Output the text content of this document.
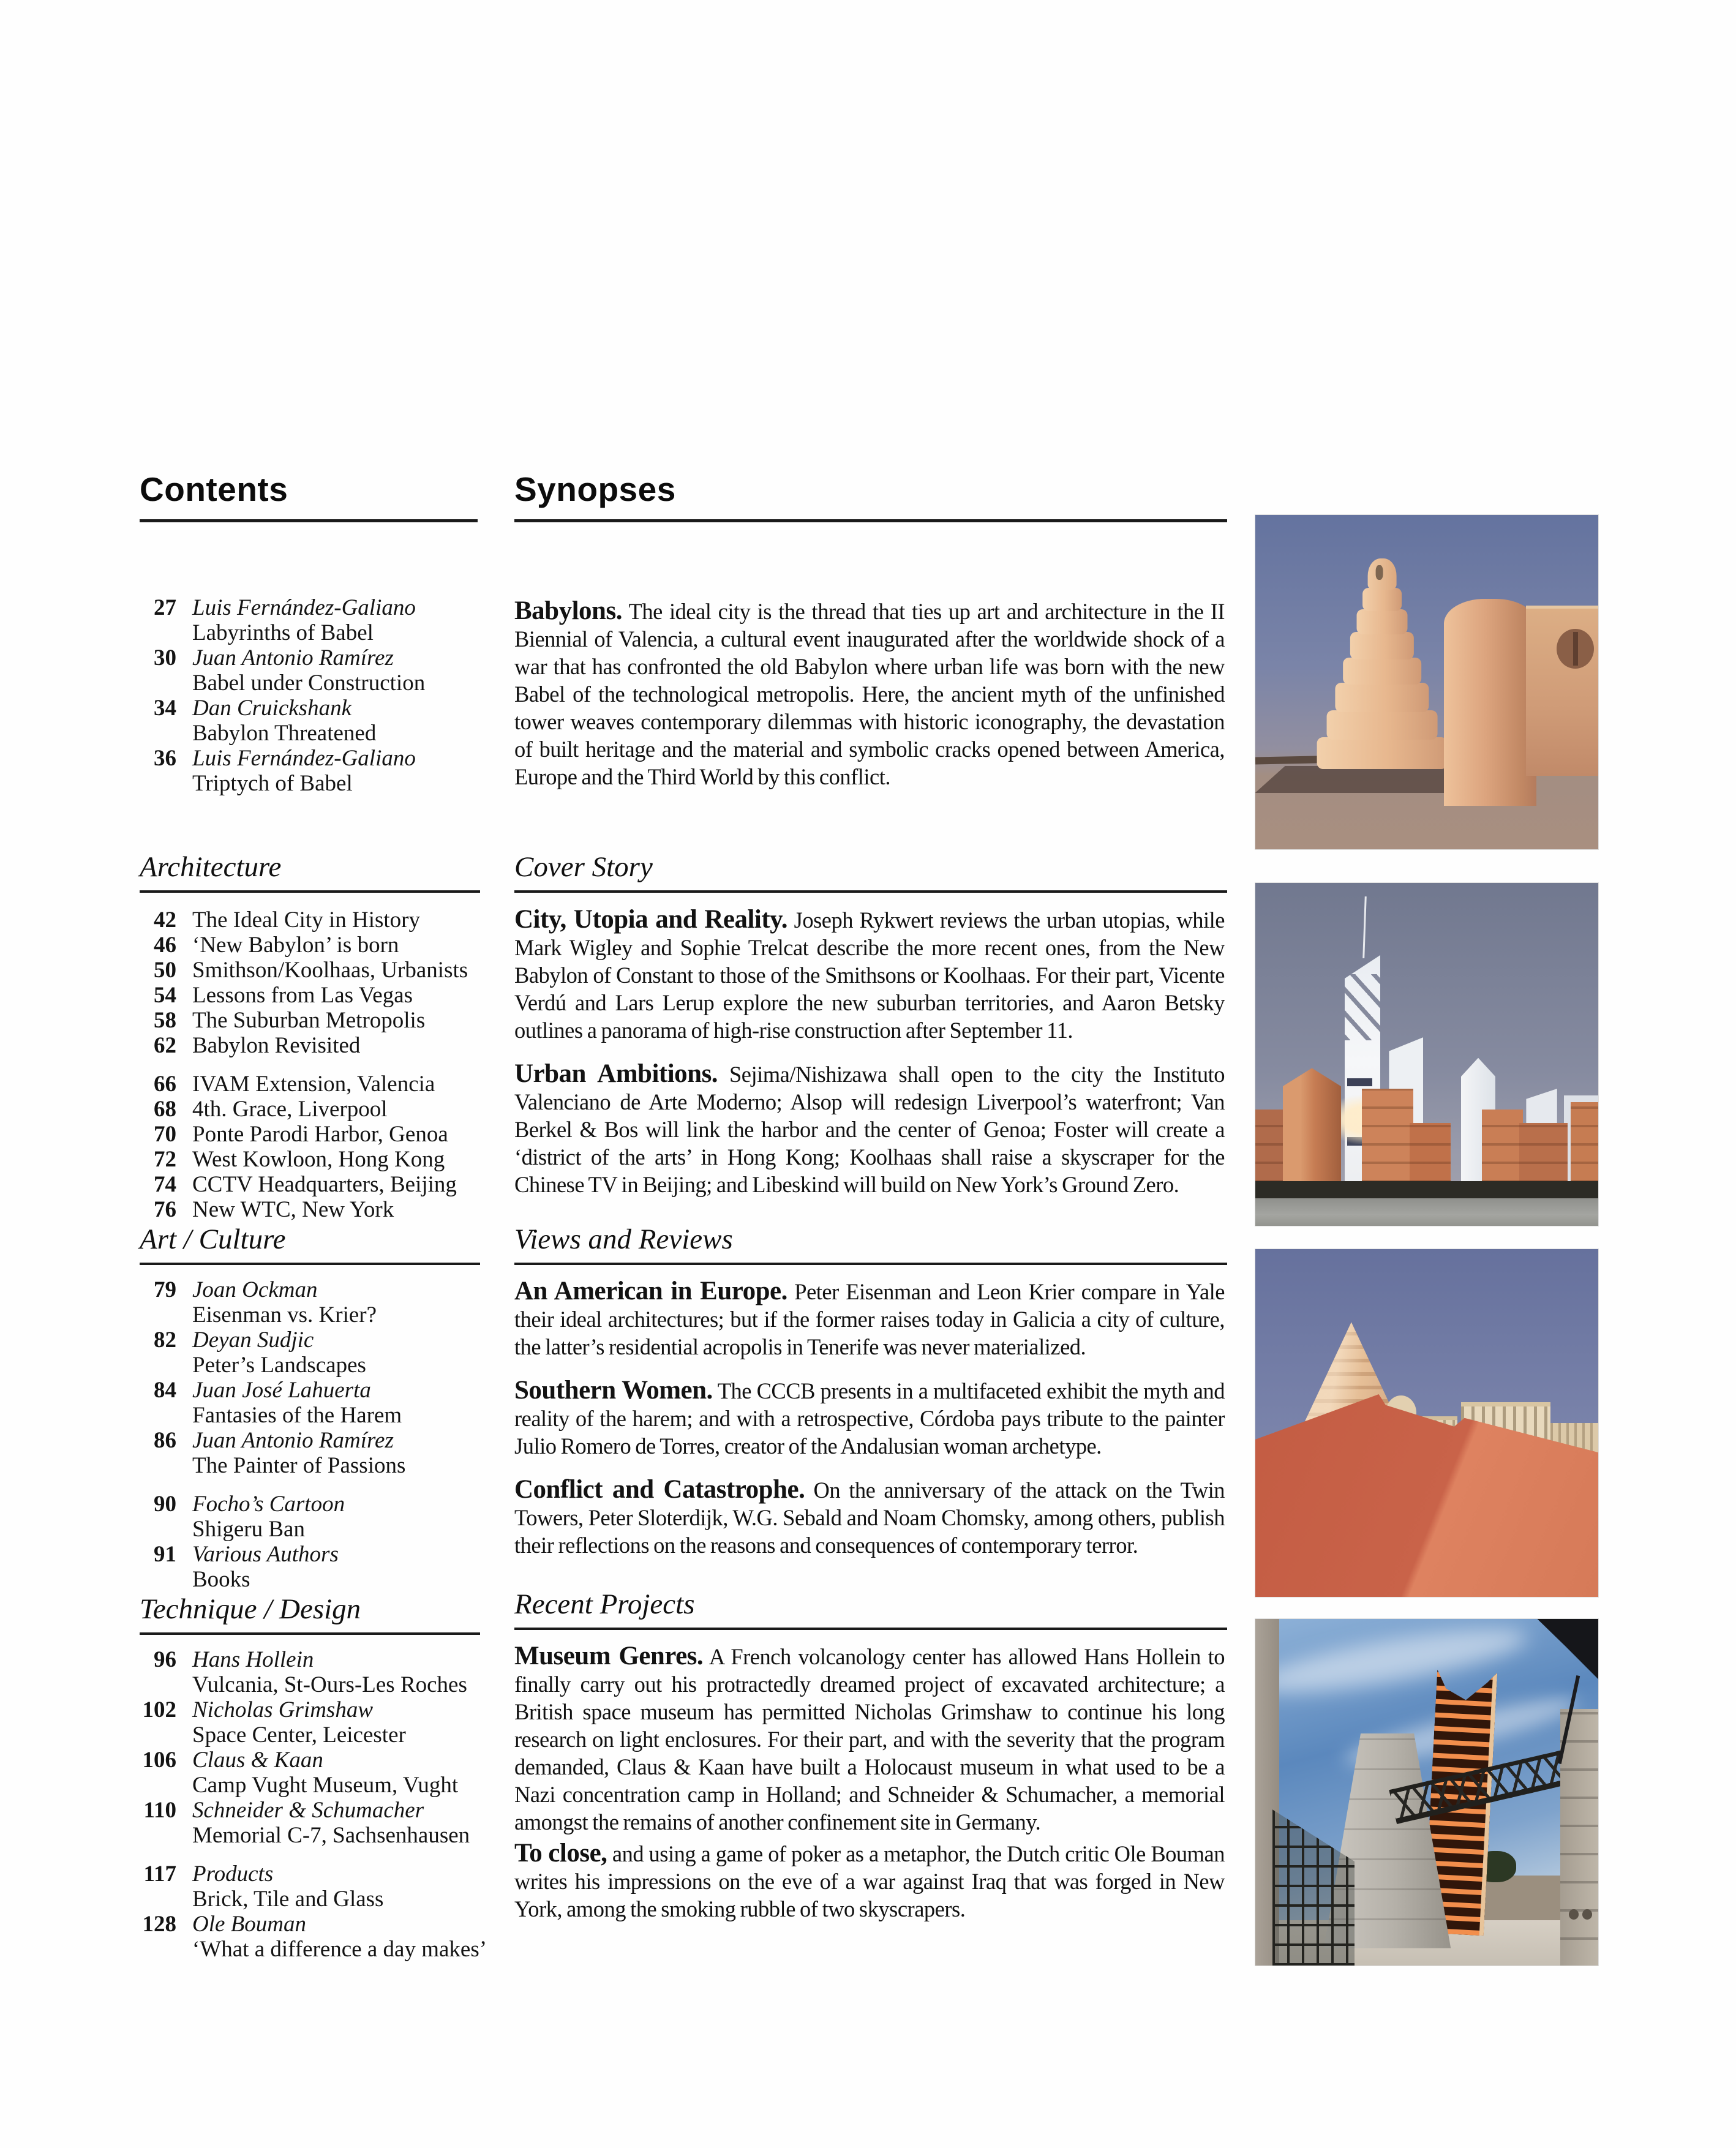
Contents
27 Luis Fernández-Galiano
Labyrinths of Babel
30 Juan Antonio Ramírez
Babel under Construction
34 Dan Cruickshank
Babylon Threatened
36 Luis Fernández-Galiano
Triptych of Babel
Architecture
42 The Ideal City in History
46 ‘New Babylon’ is born
50 Smithson/Koolhaas, Urbanists
54 Lessons from Las Vegas
58 The Suburban Metropolis
62 Babylon Revisited
66 IVAM Extension, Valencia
68 4th. Grace, Liverpool
70 Ponte Parodi Harbor, Genoa
72 West Kowloon, Hong Kong
74 CCTV Headquarters, Beijing
76 New WTC, New York
Art / Culture
79 Joan Ockman
Eisenman vs. Krier?
82 Deyan Sudjic
Peter’s Landscapes
84 Juan José Lahuerta
Fantasies of the Harem
86 Juan Antonio Ramírez
The Painter of Passions
90 Focho’s Cartoon
Shigeru Ban
91 Various Authors
Books
Technique / Design
96 Hans Hollein
Vulcania, St-Ours-Les Roches
102 Nicholas Grimshaw
Space Center, Leicester
106 Claus & Kaan
Camp Vught Museum, Vught
110 Schneider & Schumacher
Memorial C-7, Sachsenhausen
117 Products
Brick, Tile and Glass
128 Ole Bouman
‘What a difference a day makes’
Synopses

Babylons. The ideal city is the thread that ties up art and architecture in the II Biennial of Valencia, a cultural event inaugurated after the worldwide shock of a war that has confronted the old Babylon where urban life was born with the new Babel of the technological metropolis. Here, the ancient myth of the unfinished tower weaves contemporary dilemmas with historic iconography, the devastation of built heritage and the material and symbolic cracks opened between America, Europe and the Third World by this conflict.

Cover Story

City, Utopia and Reality. Joseph Rykwert reviews the urban utopias, while Mark Wigley and Sophie Trelcat describe the more recent ones, from the New Babylon of Constant to those of the Smithsons or Koolhaas. For their part, Vicente Verdú and Lars Lerup explore the new suburban territories, and Aaron Betsky outlines a panorama of high-rise construction after September 11.

Urban Ambitions. Sejima/Nishizawa shall open to the city the Instituto Valenciano de Arte Moderno; Alsop will redesign Liverpool’s waterfront; Van Berkel & Bos will link the harbor and the center of Genoa; Foster will create a ‘district of the arts’ in Hong Kong; Koolhaas shall raise a skyscraper for the Chinese TV in Beijing; and Libeskind will build on New York’s Ground Zero.

Views and Reviews

An American in Europe. Peter Eisenman and Leon Krier compare in Yale their ideal architectures; but if the former raises today in Galicia a city of culture, the latter’s residential acropolis in Tenerife was never materialized.

Southern Women. The CCCB presents in a multifaceted exhibit the myth and reality of the harem; and with a retrospective, Córdoba pays tribute to the painter Julio Romero de Torres, creator of the Andalusian woman archetype.

Conflict and Catastrophe. On the anniversary of the attack on the Twin Towers, Peter Sloterdijk, W.G. Sebald and Noam Chomsky, among others, publish their reflections on the reasons and consequences of contemporary terror.

Recent Projects

Museum Genres. A French volcanology center has allowed Hans Hollein to finally carry out his protractedly dreamed project of excavated architecture; a British space museum has permitted Nicholas Grimshaw to continue his long research on light enclosures. For their part, and with the severity that the program demanded, Claus & Kaan have built a Holocaust museum in what used to be a Nazi concentration camp in Holland; and Schneider & Schumacher, a memorial amongst the remains of another confinement site in Germany.

To close, and using a game of poker as a metaphor, the Dutch critic Ole Bouman writes his impressions on the eve of a war against Iraq that was forged in New York, among the smoking rubble of two skyscrapers.
